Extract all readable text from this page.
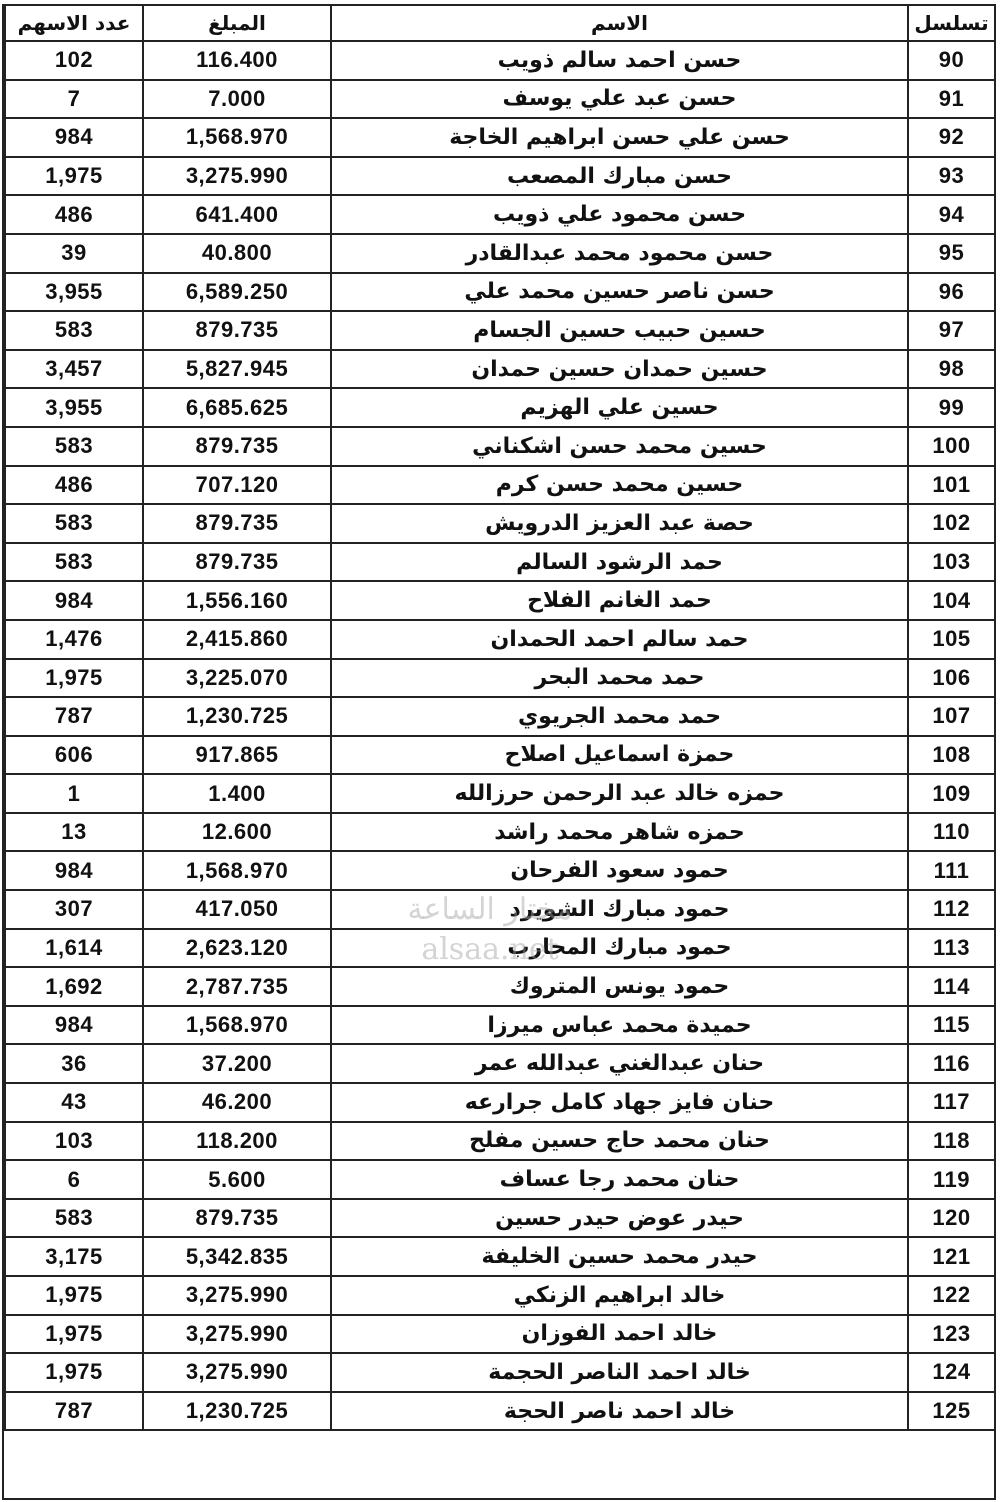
عدد الاسهم	المبلغ	الاسم	تسلسل
102	116.400	حسن احمد سالم ذويب	90
7	7.000	حسن عبد علي يوسف	91
984	1,568.970	حسن علي حسن ابراهيم الخاجة	92
1,975	3,275.990	حسن مبارك المصعب	93
486	641.400	حسن محمود علي ذويب	94
39	40.800	حسن محمود محمد عبدالقادر	95
3,955	6,589.250	حسن ناصر حسين محمد علي	96
583	879.735	حسين حبيب حسين الجسام	97
3,457	5,827.945	حسين حمدان حسين حمدان	98
3,955	6,685.625	حسين علي الهزيم	99
583	879.735	حسين محمد حسن اشكناني	100
486	707.120	حسين محمد حسن كرم	101
583	879.735	حصة عبد العزيز الدرويش	102
583	879.735	حمد الرشود السالم	103
984	1,556.160	حمد الغانم الفلاح	104
1,476	2,415.860	حمد سالم احمد الحمدان	105
1,975	3,225.070	حمد محمد البحر	106
787	1,230.725	حمد محمد الجريوي	107
606	917.865	حمزة اسماعيل اصلاح	108
1	1.400	حمزه خالد عبد الرحمن حرزالله	109
13	12.600	حمزه شاهر محمد راشد	110
984	1,568.970	حمود سعود الفرحان	111
307	417.050	حمود مبارك الشويرد	112
1,614	2,623.120	حمود مبارك المحارب	113
1,692	2,787.735	حمود يونس المتروك	114
984	1,568.970	حميدة محمد عباس ميرزا	115
36	37.200	حنان عبدالغني عبدالله عمر	116
43	46.200	حنان فايز جهاد كامل جرارعه	117
103	118.200	حنان محمد حاج حسين مفلح	118
6	5.600	حنان محمد رجا عساف	119
583	879.735	حيدر عوض حيدر حسين	120
3,175	5,342.835	حيدر محمد حسين الخليفة	121
1,975	3,275.990	خالد ابراهيم الزنكي	122
1,975	3,275.990	خالد احمد الفوزان	123
1,975	3,275.990	خالد احمد الناصر الحجمة	124
787	1,230.725	خالد احمد ناصر الحجة	125
مختار الساعة
alsaa.net
